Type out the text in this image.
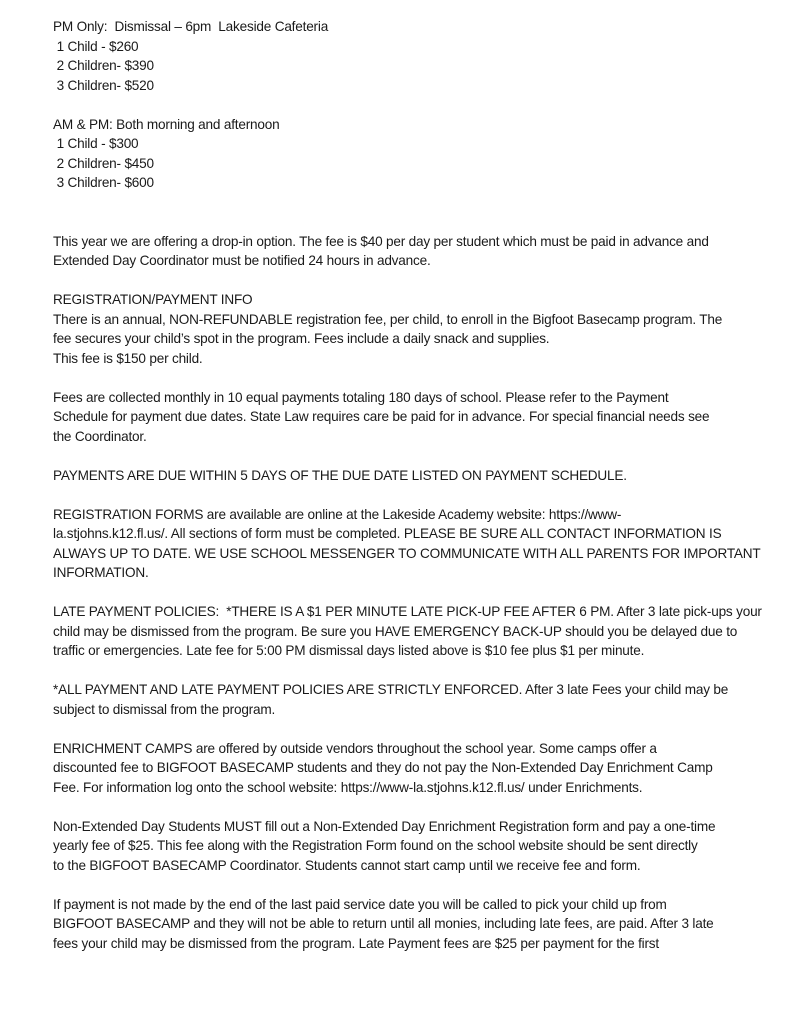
PM Only:  Dismissal – 6pm  Lakeside Cafeteria
1 Child - $260
2 Children- $390
3 Children- $520
AM & PM: Both morning and afternoon
1 Child - $300
2 Children- $450
3 Children- $600
This year we are offering a drop-in option. The fee is $40 per day per student which must be paid in advance and
Extended Day Coordinator must be notified 24 hours in advance.
REGISTRATION/PAYMENT INFO
There is an annual, NON-REFUNDABLE registration fee, per child, to enroll in the Bigfoot Basecamp program. The
fee secures your child’s spot in the program. Fees include a daily snack and supplies.
This fee is $150 per child.
Fees are collected monthly in 10 equal payments totaling 180 days of school. Please refer to the Payment
Schedule for payment due dates. State Law requires care be paid for in advance. For special financial needs see
the Coordinator.
PAYMENTS ARE DUE WITHIN 5 DAYS OF THE DUE DATE LISTED ON PAYMENT SCHEDULE.
REGISTRATION FORMS are available are online at the Lakeside Academy website: https://www-
la.stjohns.k12.fl.us/. All sections of form must be completed. PLEASE BE SURE ALL CONTACT INFORMATION IS
ALWAYS UP TO DATE. WE USE SCHOOL MESSENGER TO COMMUNICATE WITH ALL PARENTS FOR IMPORTANT
INFORMATION.
LATE PAYMENT POLICIES:  *THERE IS A $1 PER MINUTE LATE PICK-UP FEE AFTER 6 PM. After 3 late pick-ups your
child may be dismissed from the program. Be sure you HAVE EMERGENCY BACK-UP should you be delayed due to
traffic or emergencies. Late fee for 5:00 PM dismissal days listed above is $10 fee plus $1 per minute.
*ALL PAYMENT AND LATE PAYMENT POLICIES ARE STRICTLY ENFORCED. After 3 late Fees your child may be
subject to dismissal from the program.
ENRICHMENT CAMPS are offered by outside vendors throughout the school year. Some camps offer a
discounted fee to BIGFOOT BASECAMP students and they do not pay the Non-Extended Day Enrichment Camp
Fee. For information log onto the school website: https://www-la.stjohns.k12.fl.us/ under Enrichments.
Non-Extended Day Students MUST fill out a Non-Extended Day Enrichment Registration form and pay a one-time
yearly fee of $25. This fee along with the Registration Form found on the school website should be sent directly
to the BIGFOOT BASECAMP Coordinator. Students cannot start camp until we receive fee and form.
If payment is not made by the end of the last paid service date you will be called to pick your child up from
BIGFOOT BASECAMP and they will not be able to return until all monies, including late fees, are paid. After 3 late
fees your child may be dismissed from the program. Late Payment fees are $25 per payment for the first
